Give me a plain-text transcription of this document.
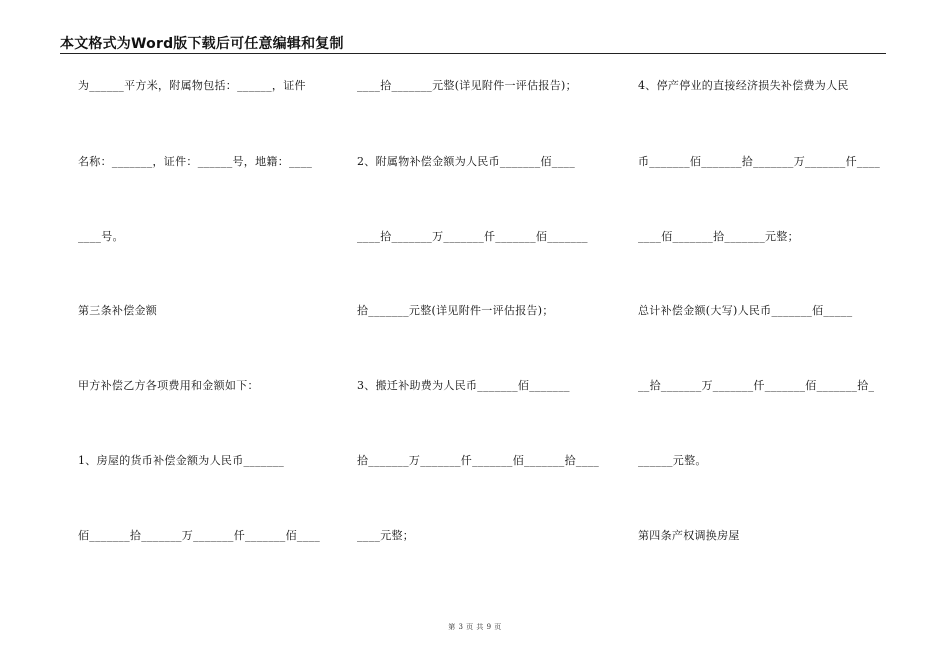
本文格式为Word版下载后可任意编辑和复制
为______平方米，附属物包括：______，证件
名称：_______，证件：______号，地籍：____
____号。
第三条补偿金额
甲方补偿乙方各项费用和金额如下：
1、房屋的货币补偿金额为人民币_______
佰_______拾_______万_______仟_______佰____
____拾_______元整(详见附件一评估报告)；
2、附属物补偿金额为人民币_______佰____
____拾_______万_______仟_______佰_______
拾_______元整(详见附件一评估报告)；
3、搬迁补助费为人民币_______佰_______
拾_______万_______仟_______佰_______拾____
____元整；
4、停产停业的直接经济损失补偿费为人民
币_______佰_______拾_______万_______仟____
____佰_______拾_______元整；
总计补偿金额(大写)人民币_______佰_____
__拾_______万_______仟_______佰_______拾_
______元整。
第四条产权调换房屋
第 3 页 共 9 页
